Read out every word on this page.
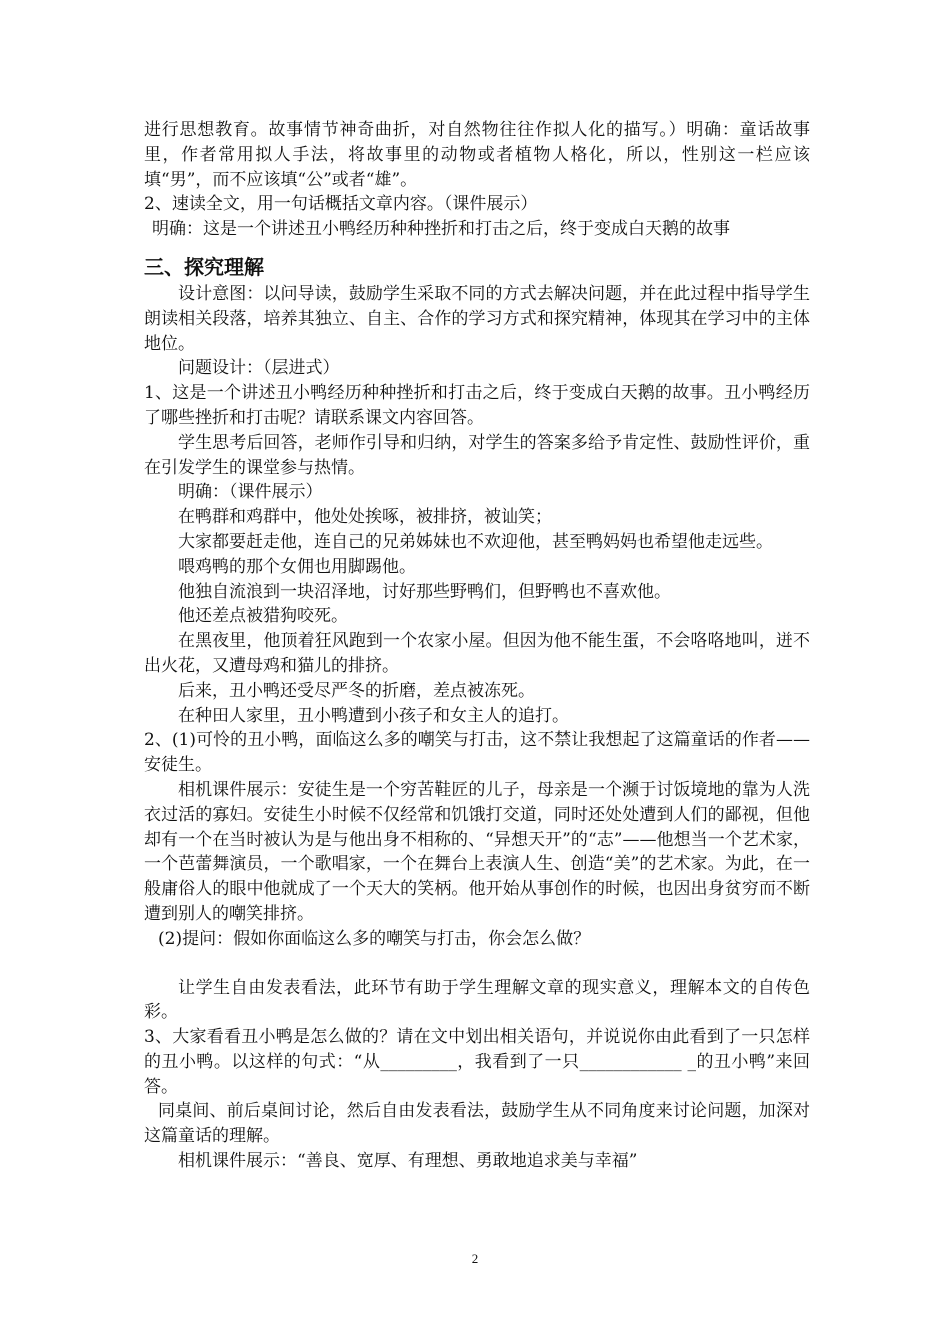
进行思想教育。故事情节神奇曲折，对自然物往往作拟人化的描写。）明确：童话故事里，作者常用拟人手法，将故事里的动物或者植物人格化，所以，性别这一栏应该填“男”，而不应该填“公”或者“雄”。
2、速读全文，用一句话概括文章内容。（课件展示）
明确：这是一个讲述丑小鸭经历种种挫折和打击之后，终于变成白天鹅的故事
三、探究理解
设计意图：以问导读，鼓励学生采取不同的方式去解决问题，并在此过程中指导学生朗读相关段落，培养其独立、自主、合作的学习方式和探究精神，体现其在学习中的主体地位。
问题设计：（层进式）
1、这是一个讲述丑小鸭经历种种挫折和打击之后，终于变成白天鹅的故事。丑小鸭经历了哪些挫折和打击呢？请联系课文内容回答。
学生思考后回答，老师作引导和归纳，对学生的答案多给予肯定性、鼓励性评价，重在引发学生的课堂参与热情。
明确：（课件展示）
在鸭群和鸡群中，他处处挨啄，被排挤，被讪笑；
大家都要赶走他，连自己的兄弟姊妹也不欢迎他，甚至鸭妈妈也希望他走远些。
喂鸡鸭的那个女佣也用脚踢他。
他独自流浪到一块沼泽地，讨好那些野鸭们，但野鸭也不喜欢他。
他还差点被猎狗咬死。
在黑夜里，他顶着狂风跑到一个农家小屋。但因为他不能生蛋，不会咯咯地叫，迸不出火花，又遭母鸡和猫儿的排挤。
后来，丑小鸭还受尽严冬的折磨，差点被冻死。
在种田人家里，丑小鸭遭到小孩子和女主人的追打。
2、(1)可怜的丑小鸭，面临这么多的嘲笑与打击，这不禁让我想起了这篇童话的作者——安徒生。
相机课件展示：安徒生是一个穷苦鞋匠的儿子，母亲是一个濒于讨饭境地的靠为人洗衣过活的寡妇。安徒生小时候不仅经常和饥饿打交道，同时还处处遭到人们的鄙视，但他却有一个在当时被认为是与他出身不相称的、“异想天开”的“志”——他想当一个艺术家，一个芭蕾舞演员，一个歌唱家，一个在舞台上表演人生、创造“美”的艺术家。为此，在一般庸俗人的眼中他就成了一个天大的笑柄。他开始从事创作的时候，也因出身贫穷而不断遭到别人的嘲笑排挤。
(2)提问：假如你面临这么多的嘲笑与打击，你会怎么做？
让学生自由发表看法，此环节有助于学生理解文章的现实意义，理解本文的自传色彩。
3、大家看看丑小鸭是怎么做的？请在文中划出相关语句，并说说你由此看到了一只怎样的丑小鸭。以这样的句式：“从_________，我看到了一只____________ _的丑小鸭”来回答。
同桌间、前后桌间讨论，然后自由发表看法，鼓励学生从不同角度来讨论问题，加深对这篇童话的理解。
相机课件展示：“善良、宽厚、有理想、勇敢地追求美与幸福”
2
